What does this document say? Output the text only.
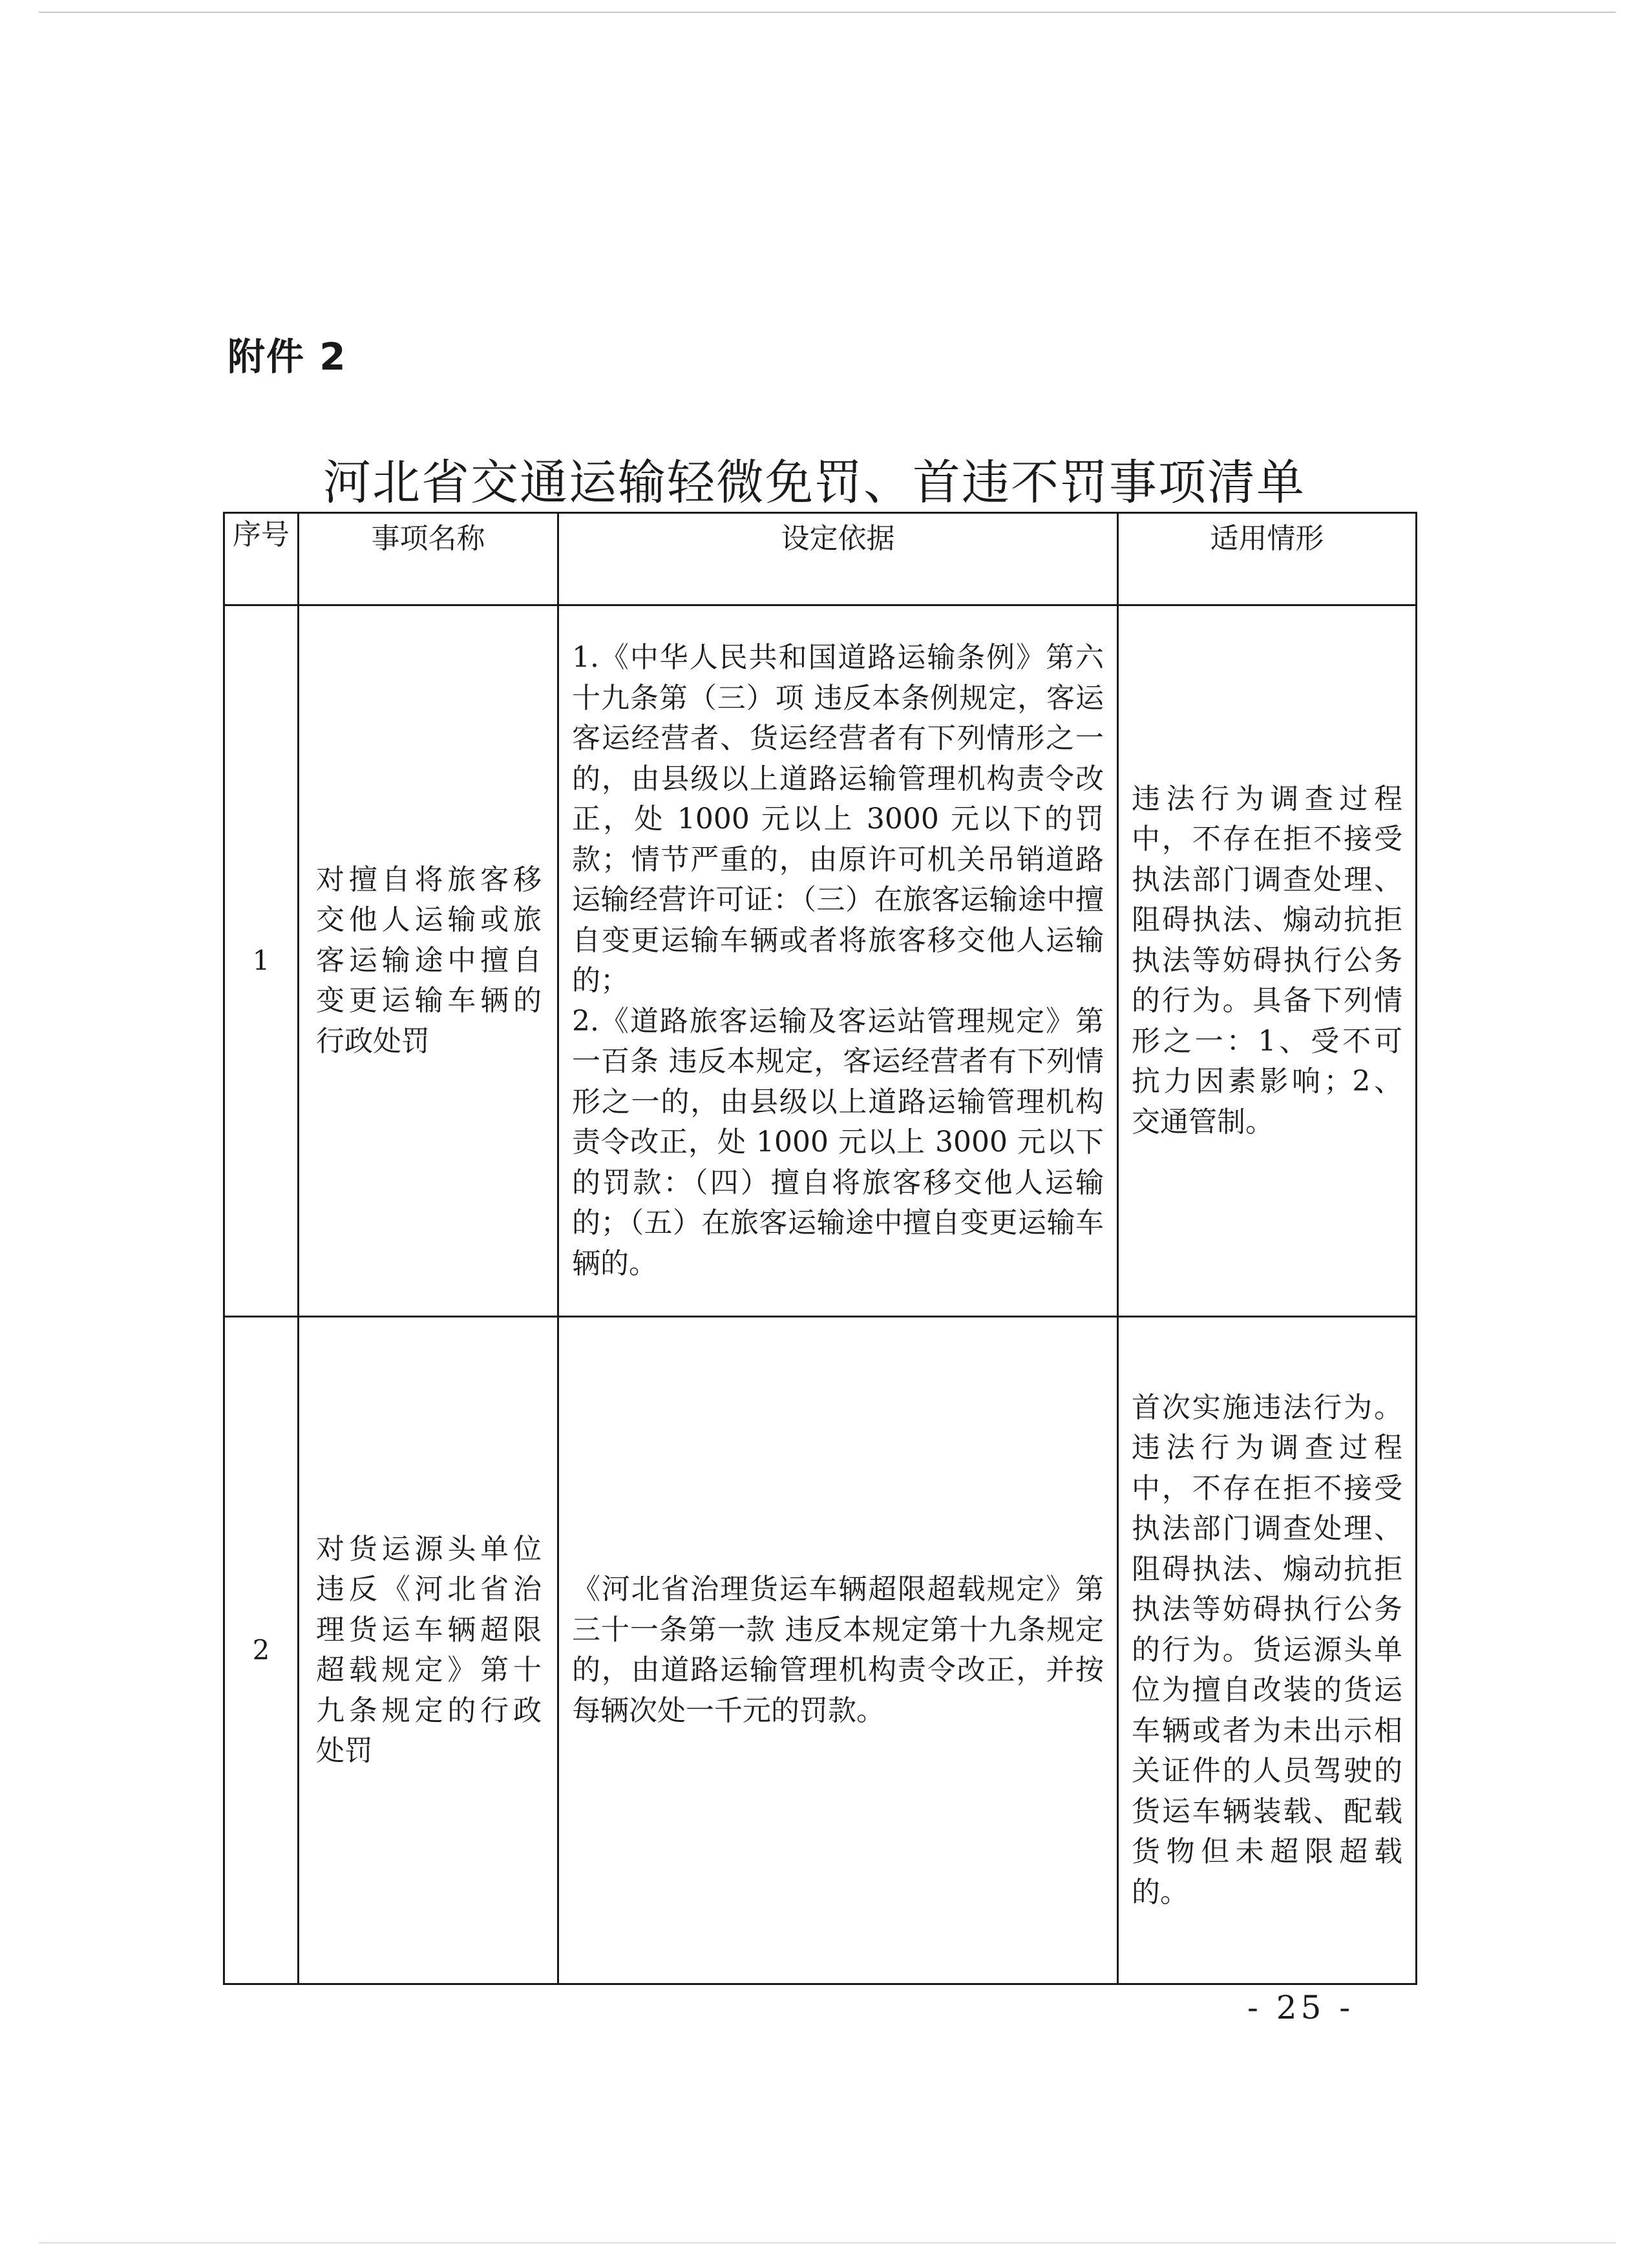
附件 2
河北省交通运输轻微免罚、首违不罚事项清单
序号	事项名称	设定依据	适用情形
1	对擅自将旅客移交他人运输或旅客运输途中擅自变更运输车辆的行政处罚	1.《中华人民共和国道路运输条例》第六十九条第（三）项 违反本条例规定，客运客运经营者、货运经营者有下列情形之一的，由县级以上道路运输管理机构责令改正，处 1000 元以上 3000 元以下的罚款；情节严重的，由原许可机关吊销道路运输经营许可证：（三）在旅客运输途中擅自变更运输车辆或者将旅客移交他人运输的；
2.《道路旅客运输及客运站管理规定》第一百条 违反本规定，客运经营者有下列情形之一的，由县级以上道路运输管理机构责令改正，处 1000 元以上 3000 元以下的罚款：（四）擅自将旅客移交他人运输的；（五）在旅客运输途中擅自变更运输车辆的。	违法行为调查过程中，不存在拒不接受执法部门调查处理、阻碍执法、煽动抗拒执法等妨碍执行公务的行为。具备下列情形之一：1、受不可抗力因素影响；2、交通管制。
2	对货运源头单位违反《河北省治理货运车辆超限超载规定》第十九条规定的行政处罚	《河北省治理货运车辆超限超载规定》第三十一条第一款 违反本规定第十九条规定的，由道路运输管理机构责令改正，并按每辆次处一千元的罚款。	首次实施违法行为。违法行为调查过程中，不存在拒不接受执法部门调查处理、阻碍执法、煽动抗拒执法等妨碍执行公务的行为。货运源头单位为擅自改装的货运车辆或者为未出示相关证件的人员驾驶的货运车辆装载、配载货物但未超限超载的。
- 25 -
